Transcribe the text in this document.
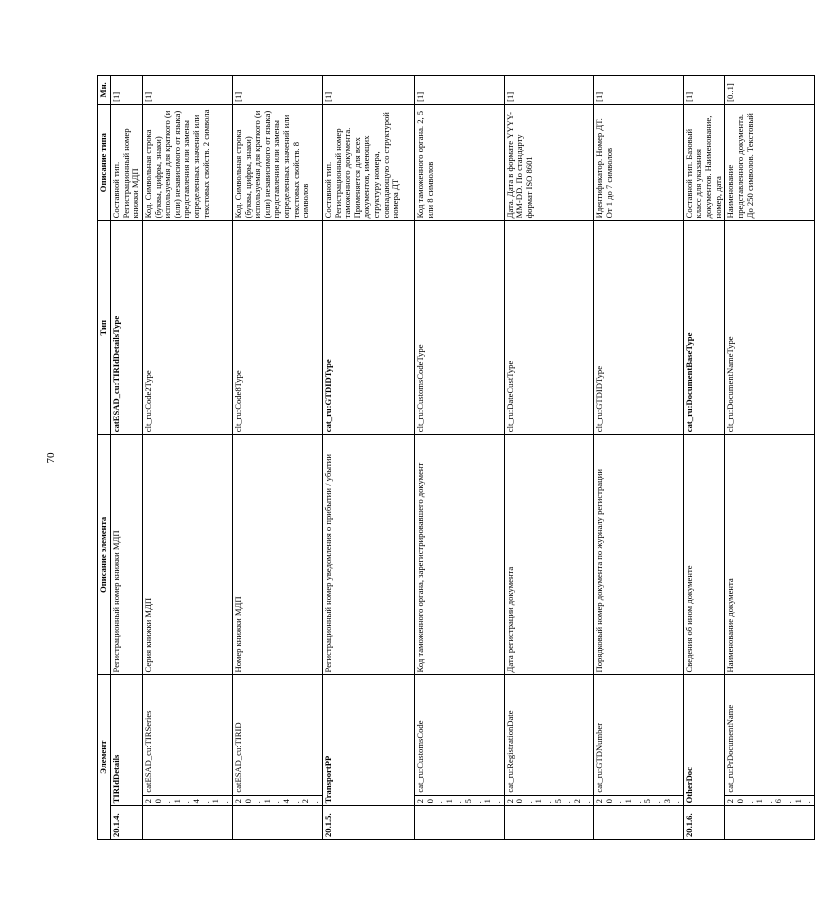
70
Элемент			Описание элемента	Тип	Описание типа	Мн.
20.1.4.	TIRIdDetails		Регистрационный номер книжки МДП	catESAD_cu:TIRIdDetailsType	Составной тип. Регистрационный номер книжки МДП	[1]
	20.1.4.1.	catESAD_cu:TIRSeries	Серия книжки МДП	clt_ru:Code2Type	Код. Символьная строка (буквы, цифры, знаки) используемая для краткого (и (или) независимого от языка) представления или замены определенных значений или текстовых свойств. 2 символа	[1]
	20.1.4.2.	catESAD_cu:TIRID	Номер книжки МДП	clt_ru:Code8Type	Код. Символьная строка (буквы, цифры, знаки) используемая для краткого (и (или) независимого от языка) представления или замены определенных значений или текстовых свойств. 8 символов	[1]
20.1.5.	TransportPP		Регистрационный номер уведомления о прибытии / убытии	cat_ru:GTDIDType	Составной тип. Регистрационный номер таможенного документа. Применяется для всех документов, имеющих структуру номера, совпадающую со структурой номера ДТ	[1]
	20.1.5.1.	cat_ru:CustomsCode	Код таможенного органа, зарегистрировавшего документ	clt_ru:CustomsCodeType	Код таможенного органа. 2, 5 или 8 символов	[1]
	20.1.5.2.	cat_ru:RegistrationDate	Дата регистрации документа	clt_ru:DateCustType	Дата. Дата в формате YYYY-MM-DD. По стандарту формат ISO 8601	[1]
	20.1.5.3.	cat_ru:GTDNumber	Порядковый номер документа по журналу регистрации	clt_ru:GTDIDType	Идентификатор. Номер ДТ. От 1 до 7 символов	[1]
20.1.6.	OtherDoc		Сведения об ином документе	cat_ru:DocumentBaseType	Составной тип. Базовый класс для указания документов. Наименование, номер, дата	[1]
	20.1.6.1.	cat_ru:PrDocumentName	Наименование документа	clt_ru:DocumentNameType	Наименование представленного документа. До 250 символов. Текстовый	[0..1]
